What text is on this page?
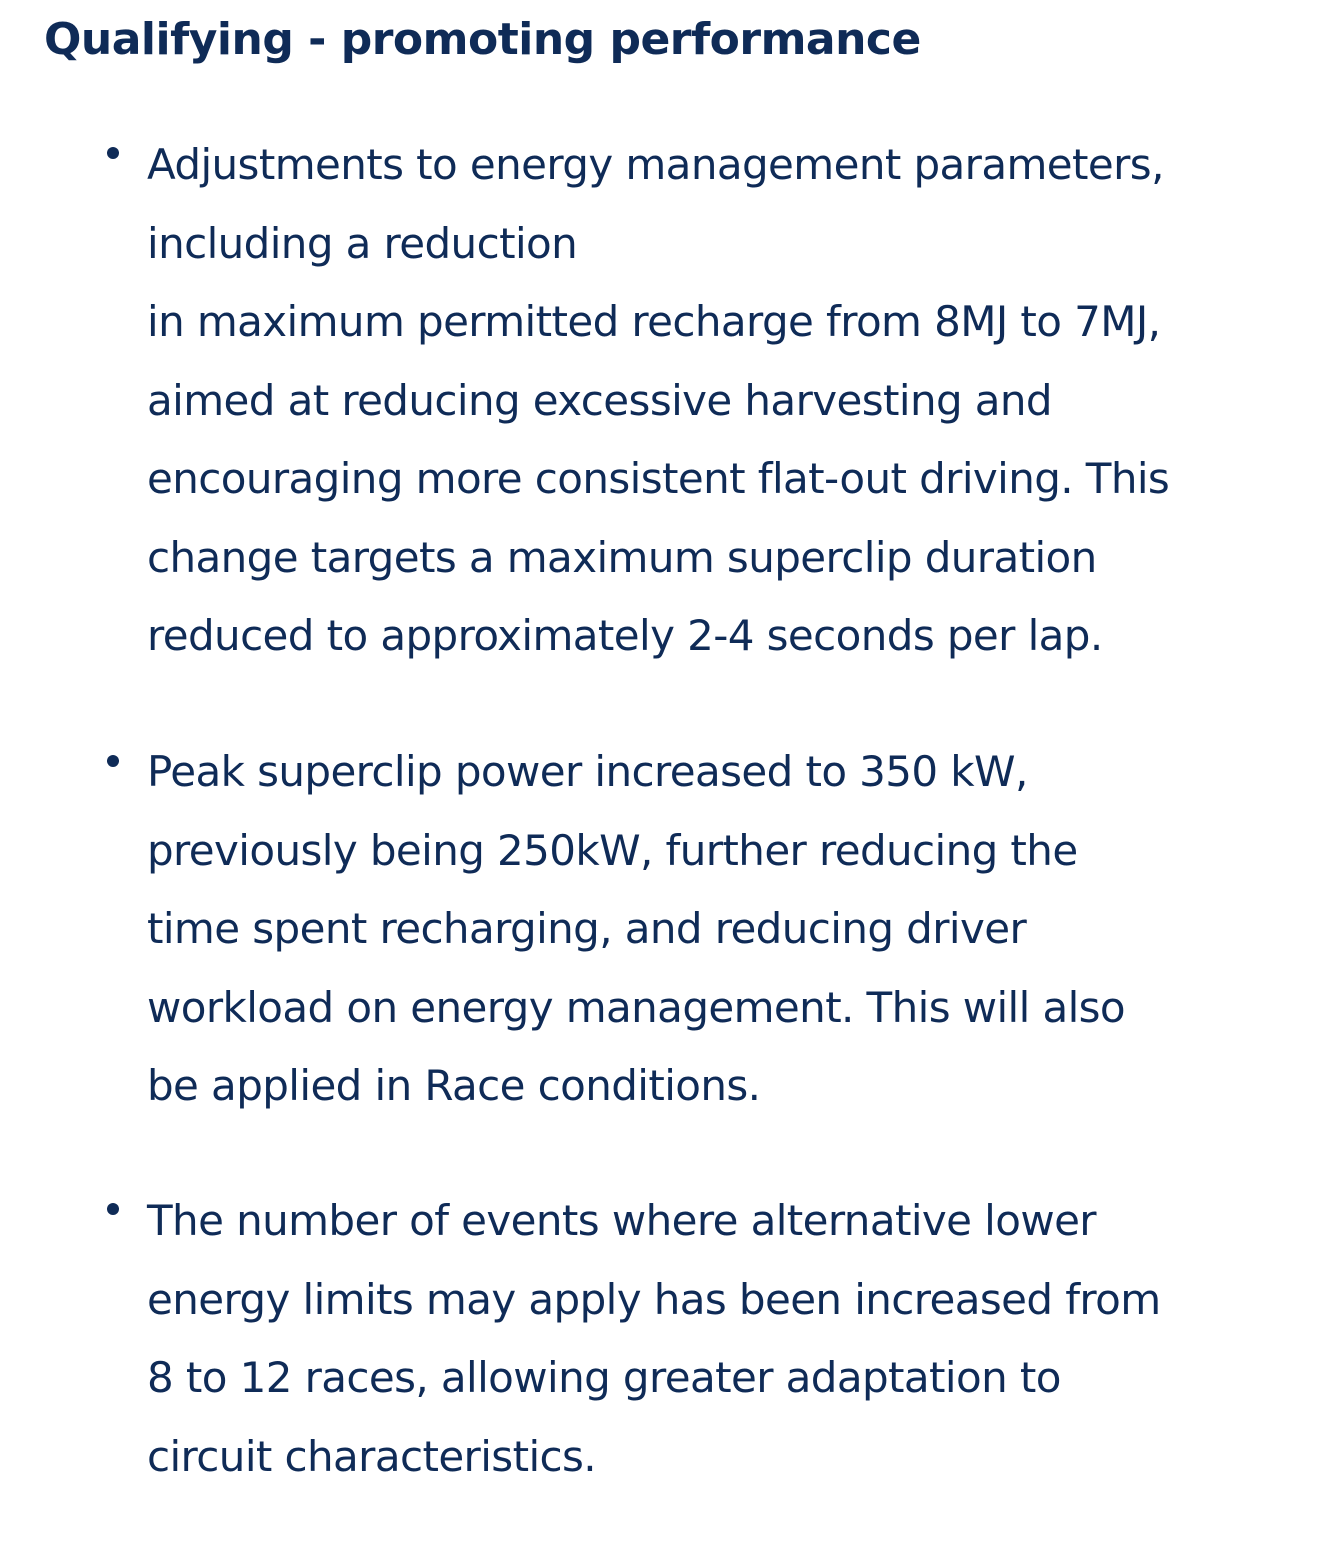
Qualifying - promoting performance

Adjustments to energy management parameters,
including a reduction
in maximum permitted recharge from 8MJ to 7MJ,
aimed at reducing excessive harvesting and
encouraging more consistent flat-out driving. This
change targets a maximum superclip duration
reduced to approximately 2-4 seconds per lap.

Peak superclip power increased to 350 kW,
previously being 250kW, further reducing the
time spent recharging, and reducing driver
workload on energy management. This will also
be applied in Race conditions.

The number of events where alternative lower
energy limits may apply has been increased from
8 to 12 races, allowing greater adaptation to
circuit characteristics.
